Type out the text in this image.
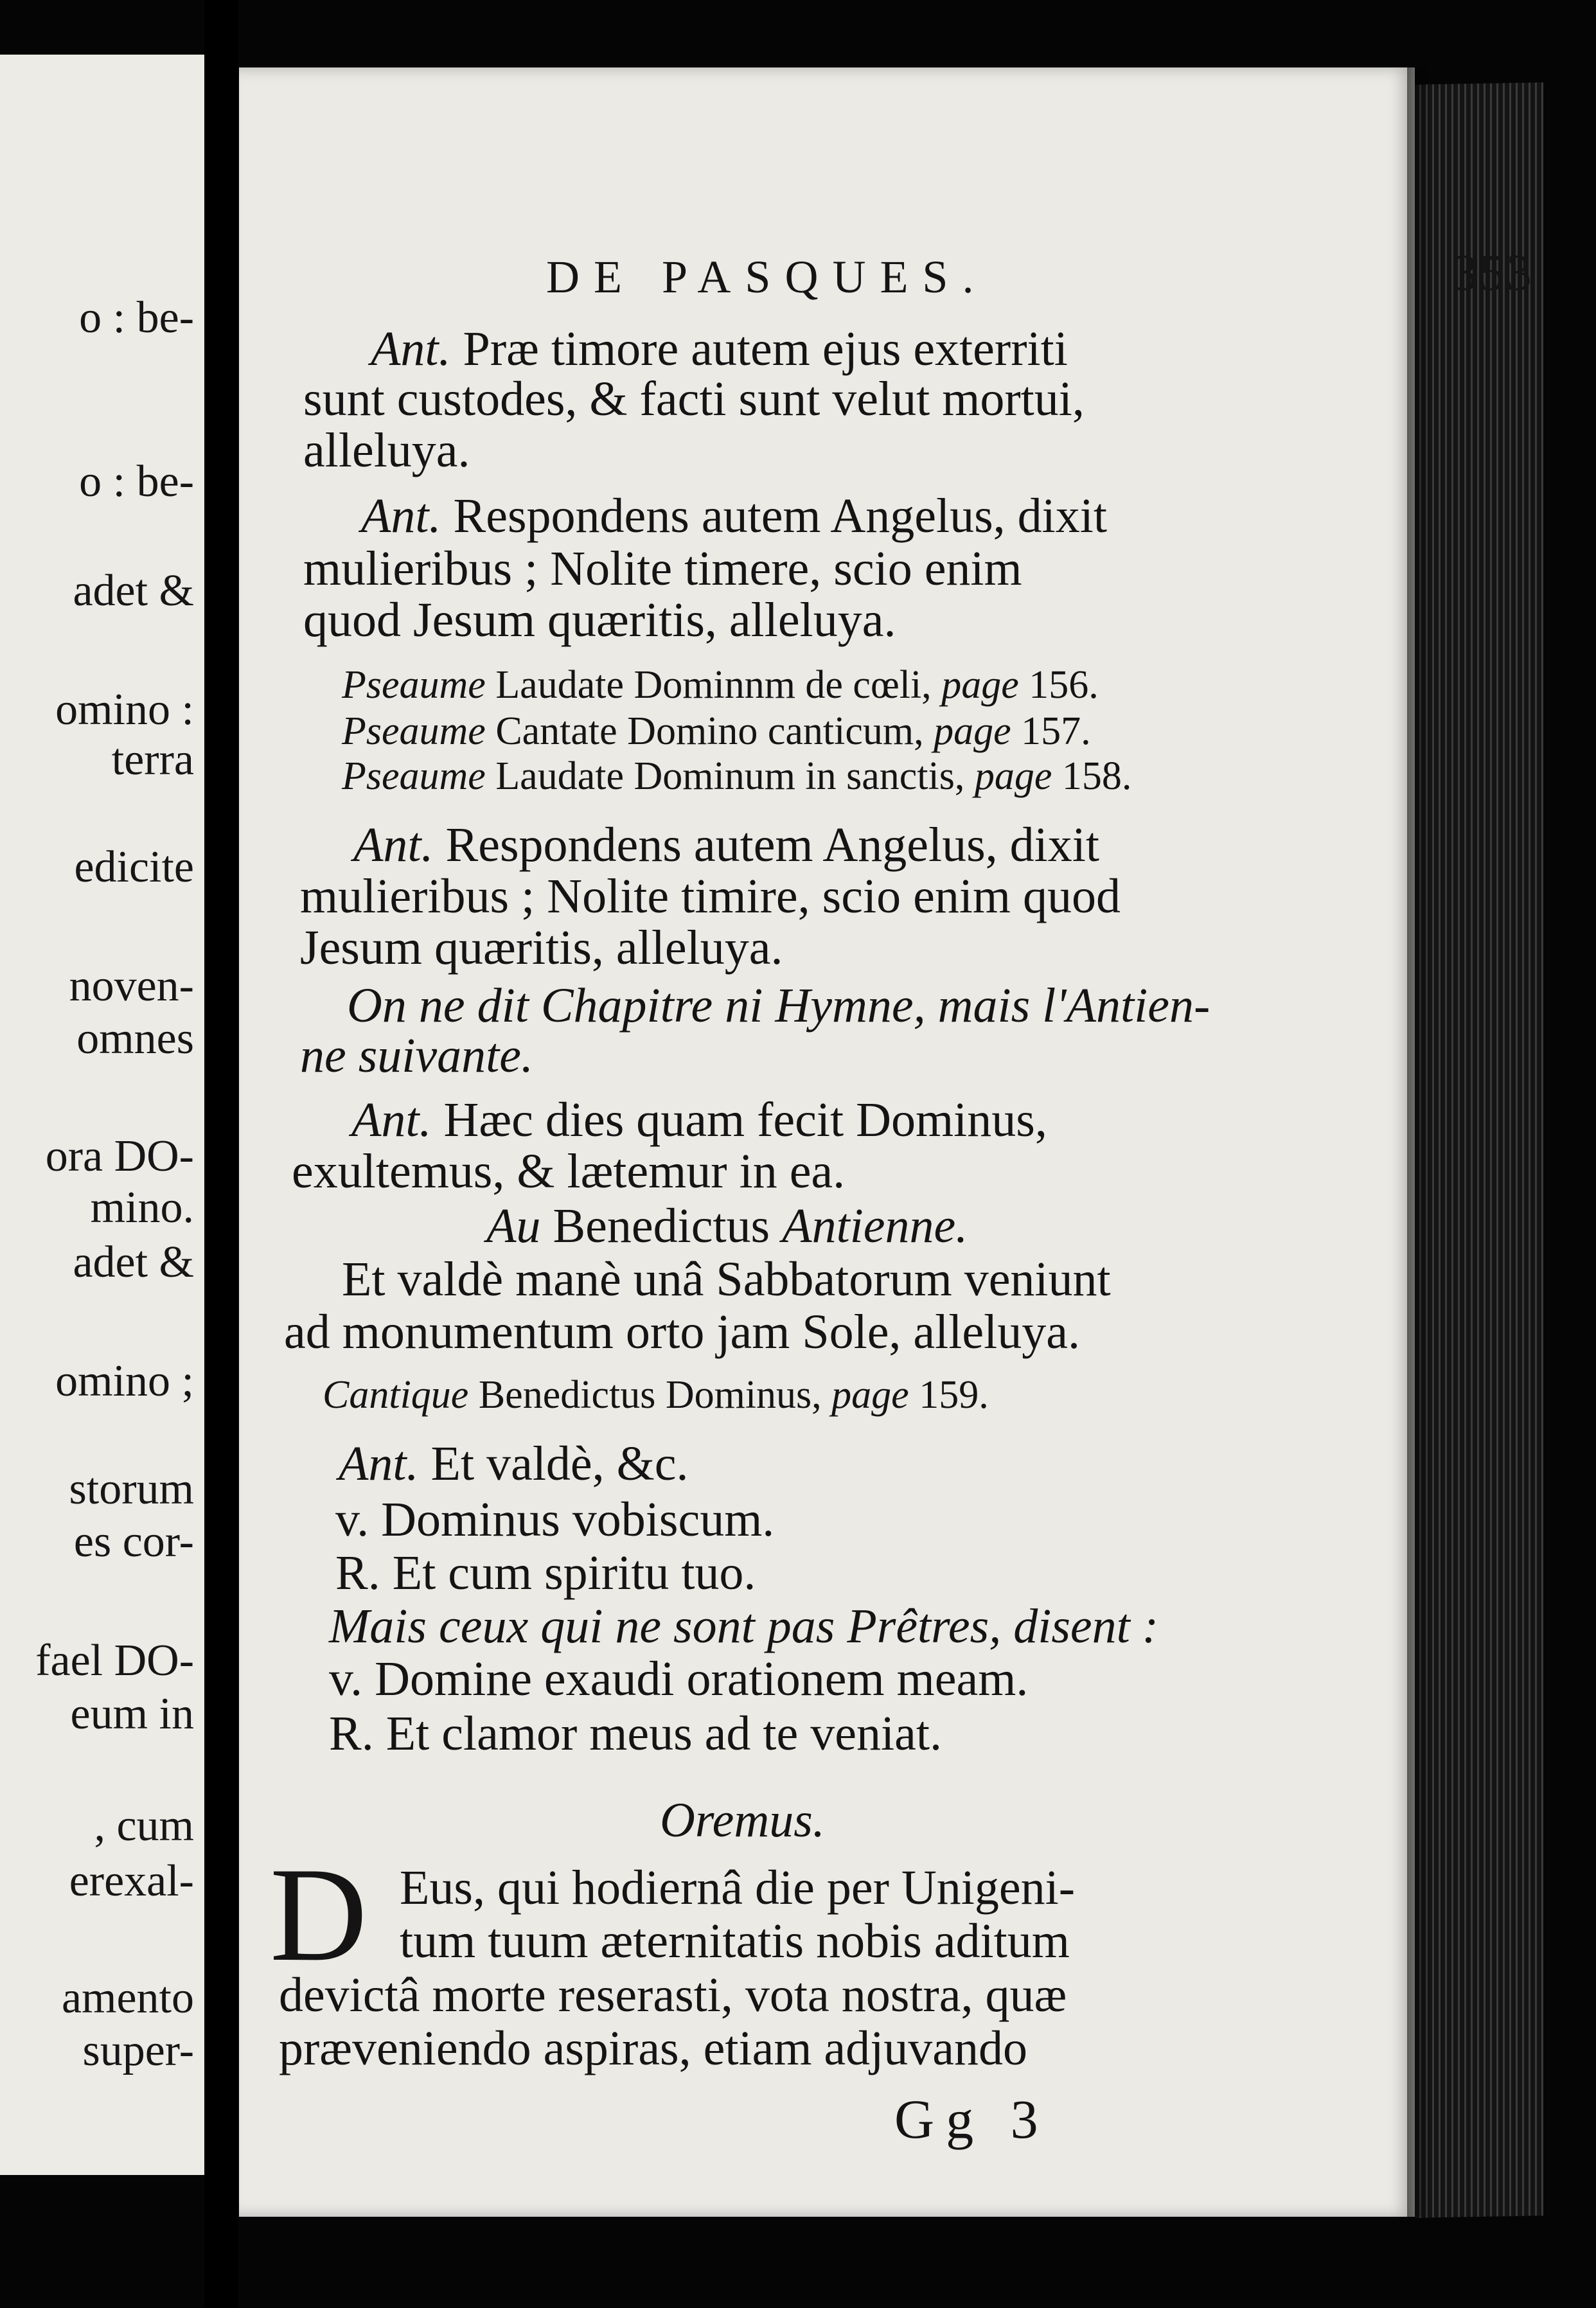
o : be-
o : be-
adet &
omino :
terra
edicite
noven-
omnes
ora DO-
mino.
adet &
omino ;
storum
es cor-
fael DO-
eum in
, cum
erexal-
amento
super-
DE PASQUES.	353
Ant. Præ timore autem ejus exterriti
sunt custodes, & facti sunt velut mortui,
alleluya.
Ant. Respondens autem Angelus, dixit
mulieribus ; Nolite timere, scio enim
quod Jesum quæritis, alleluya.
Pseaume Laudate Dominnm de cœli, page 156.
Pseaume Cantate Domino canticum, page 157.
Pseaume Laudate Dominum in sanctis, page 158.
Ant. Respondens autem Angelus, dixit
mulieribus ; Nolite timire, scio enim quod
Jesum quæritis, alleluya.
On ne dit Chapitre ni Hymne, mais l'Antien-
ne suivante.
Ant. Hæc dies quam fecit Dominus,
exultemus, & lætemur in ea.
Au Benedictus Antienne.
Et valdè manè unâ Sabbatorum veniunt
ad monumentum orto jam Sole, alleluya.
Cantique Benedictus Dominus, page 159.
Ant. Et valdè, &c.
v. Dominus vobiscum.
R. Et cum spiritu tuo.
Mais ceux qui ne sont pas Prêtres, disent :
v. Domine exaudi orationem meam.
R. Et clamor meus ad te veniat.
Oremus.
D Eus, qui hodiernâ die per Unigeni-
tum tuum æternitatis nobis aditum
devictâ morte reserasti, vota nostra, quæ
præveniendo aspiras, etiam adjuvando
Gg 3
